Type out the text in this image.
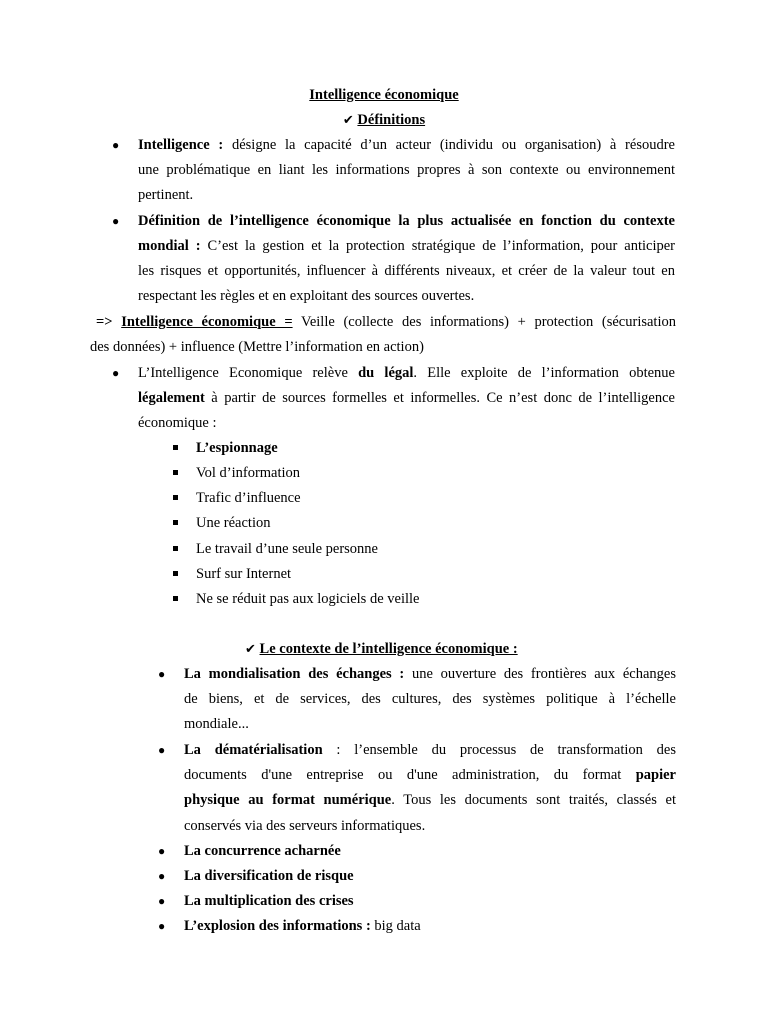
Intelligence économique
✔ Définitions
● Intelligence : désigne la capacité d’un acteur (individu ou organisation) à résoudre
une problématique en liant les informations propres à son contexte ou environnement
pertinent.
● Définition de l’intelligence économique la plus actualisée en fonction du contexte
mondial : C’est la gestion et la protection stratégique de l’information, pour anticiper
les risques et opportunités, influencer à différents niveaux, et créer de la valeur tout en
respectant les règles et en exploitant des sources ouvertes.
=> Intelligence économique = Veille (collecte des informations) + protection (sécurisation
des données) + influence (Mettre l’information en action)
● L’Intelligence Economique relève du légal. Elle exploite de l’information obtenue
légalement à partir de sources formelles et informelles. Ce n’est donc de l’intelligence
économique :
L’espionnage
Vol d’information
Trafic d’influence
Une réaction
Le travail d’une seule personne
Surf sur Internet
Ne se réduit pas aux logiciels de veille
✔ Le contexte de l’intelligence économique :
● La mondialisation des échanges : une ouverture des frontières aux échanges
de biens, et de services, des cultures, des systèmes politique à l’échelle
mondiale...
● La dématérialisation : l’ensemble du processus de transformation des
documents d'une entreprise ou d'une administration, du format papier
physique au format numérique. Tous les documents sont traités, classés et
conservés via des serveurs informatiques.
● La concurrence acharnée
● La diversification de risque
● La multiplication des crises
● L’explosion des informations : big data
